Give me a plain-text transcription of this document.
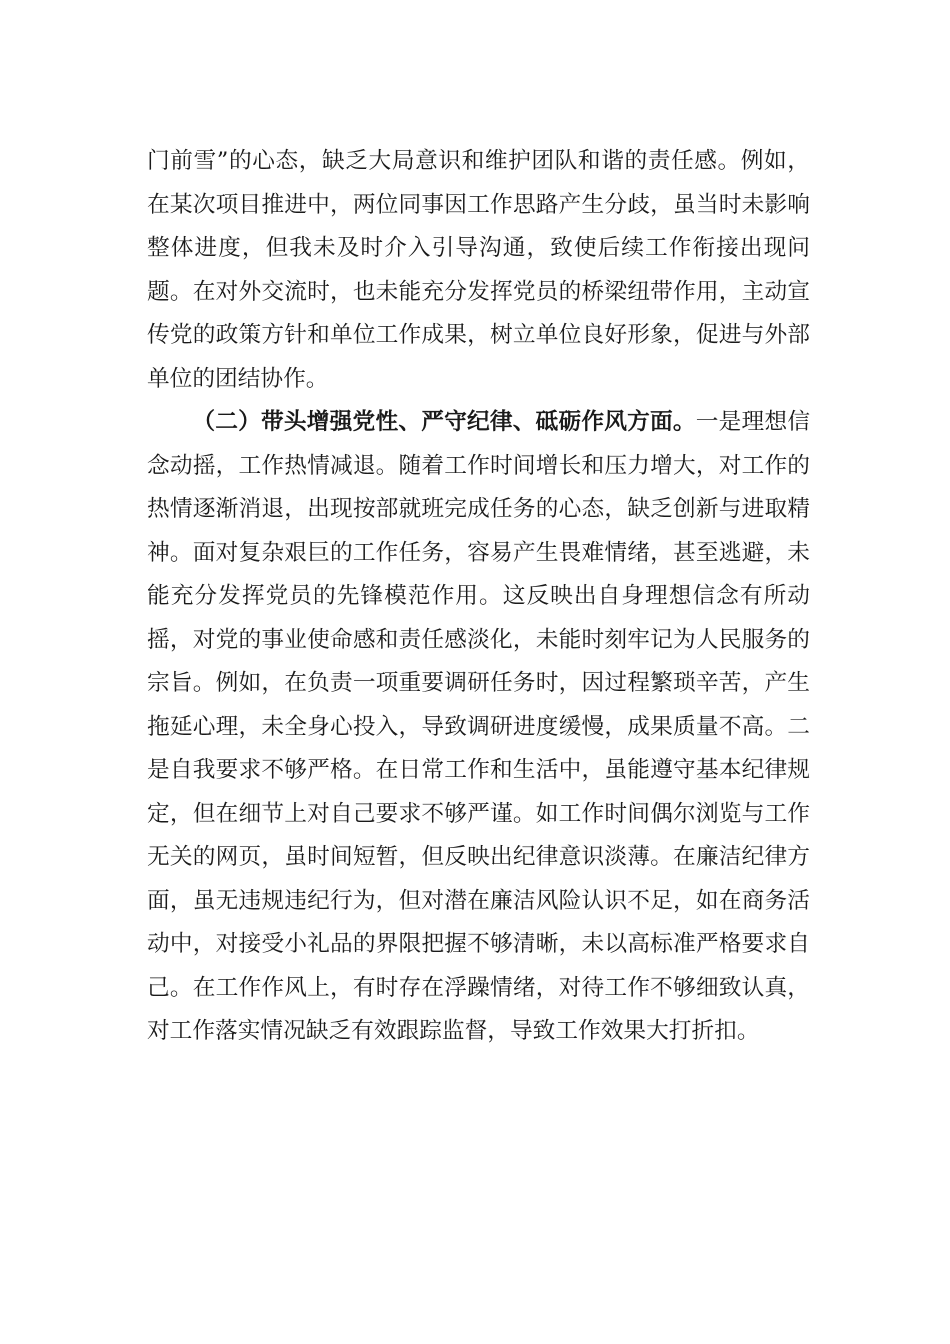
门前雪”的心态，缺乏大局意识和维护团队和谐的责任感。例如，在某次项目推进中，两位同事因工作思路产生分歧，虽当时未影响整体进度，但我未及时介入引导沟通，致使后续工作衔接出现问题。在对外交流时，也未能充分发挥党员的桥梁纽带作用，主动宣传党的政策方针和单位工作成果，树立单位良好形象，促进与外部单位的团结协作。

（二）带头增强党性、严守纪律、砥砺作风方面。一是理想信念动摇，工作热情减退。随着工作时间增长和压力增大，对工作的热情逐渐消退，出现按部就班完成任务的心态，缺乏创新与进取精神。面对复杂艰巨的工作任务，容易产生畏难情绪，甚至逃避，未能充分发挥党员的先锋模范作用。这反映出自身理想信念有所动摇，对党的事业使命感和责任感淡化，未能时刻牢记为人民服务的宗旨。例如，在负责一项重要调研任务时，因过程繁琐辛苦，产生拖延心理，未全身心投入，导致调研进度缓慢，成果质量不高。二是自我要求不够严格。在日常工作和生活中，虽能遵守基本纪律规定，但在细节上对自己要求不够严谨。如工作时间偶尔浏览与工作无关的网页，虽时间短暂，但反映出纪律意识淡薄。在廉洁纪律方面，虽无违规违纪行为，但对潜在廉洁风险认识不足，如在商务活动中，对接受小礼品的界限把握不够清晰，未以高标准严格要求自己。在工作作风上，有时存在浮躁情绪，对待工作不够细致认真，对工作落实情况缺乏有效跟踪监督，导致工作效果大打折扣。
